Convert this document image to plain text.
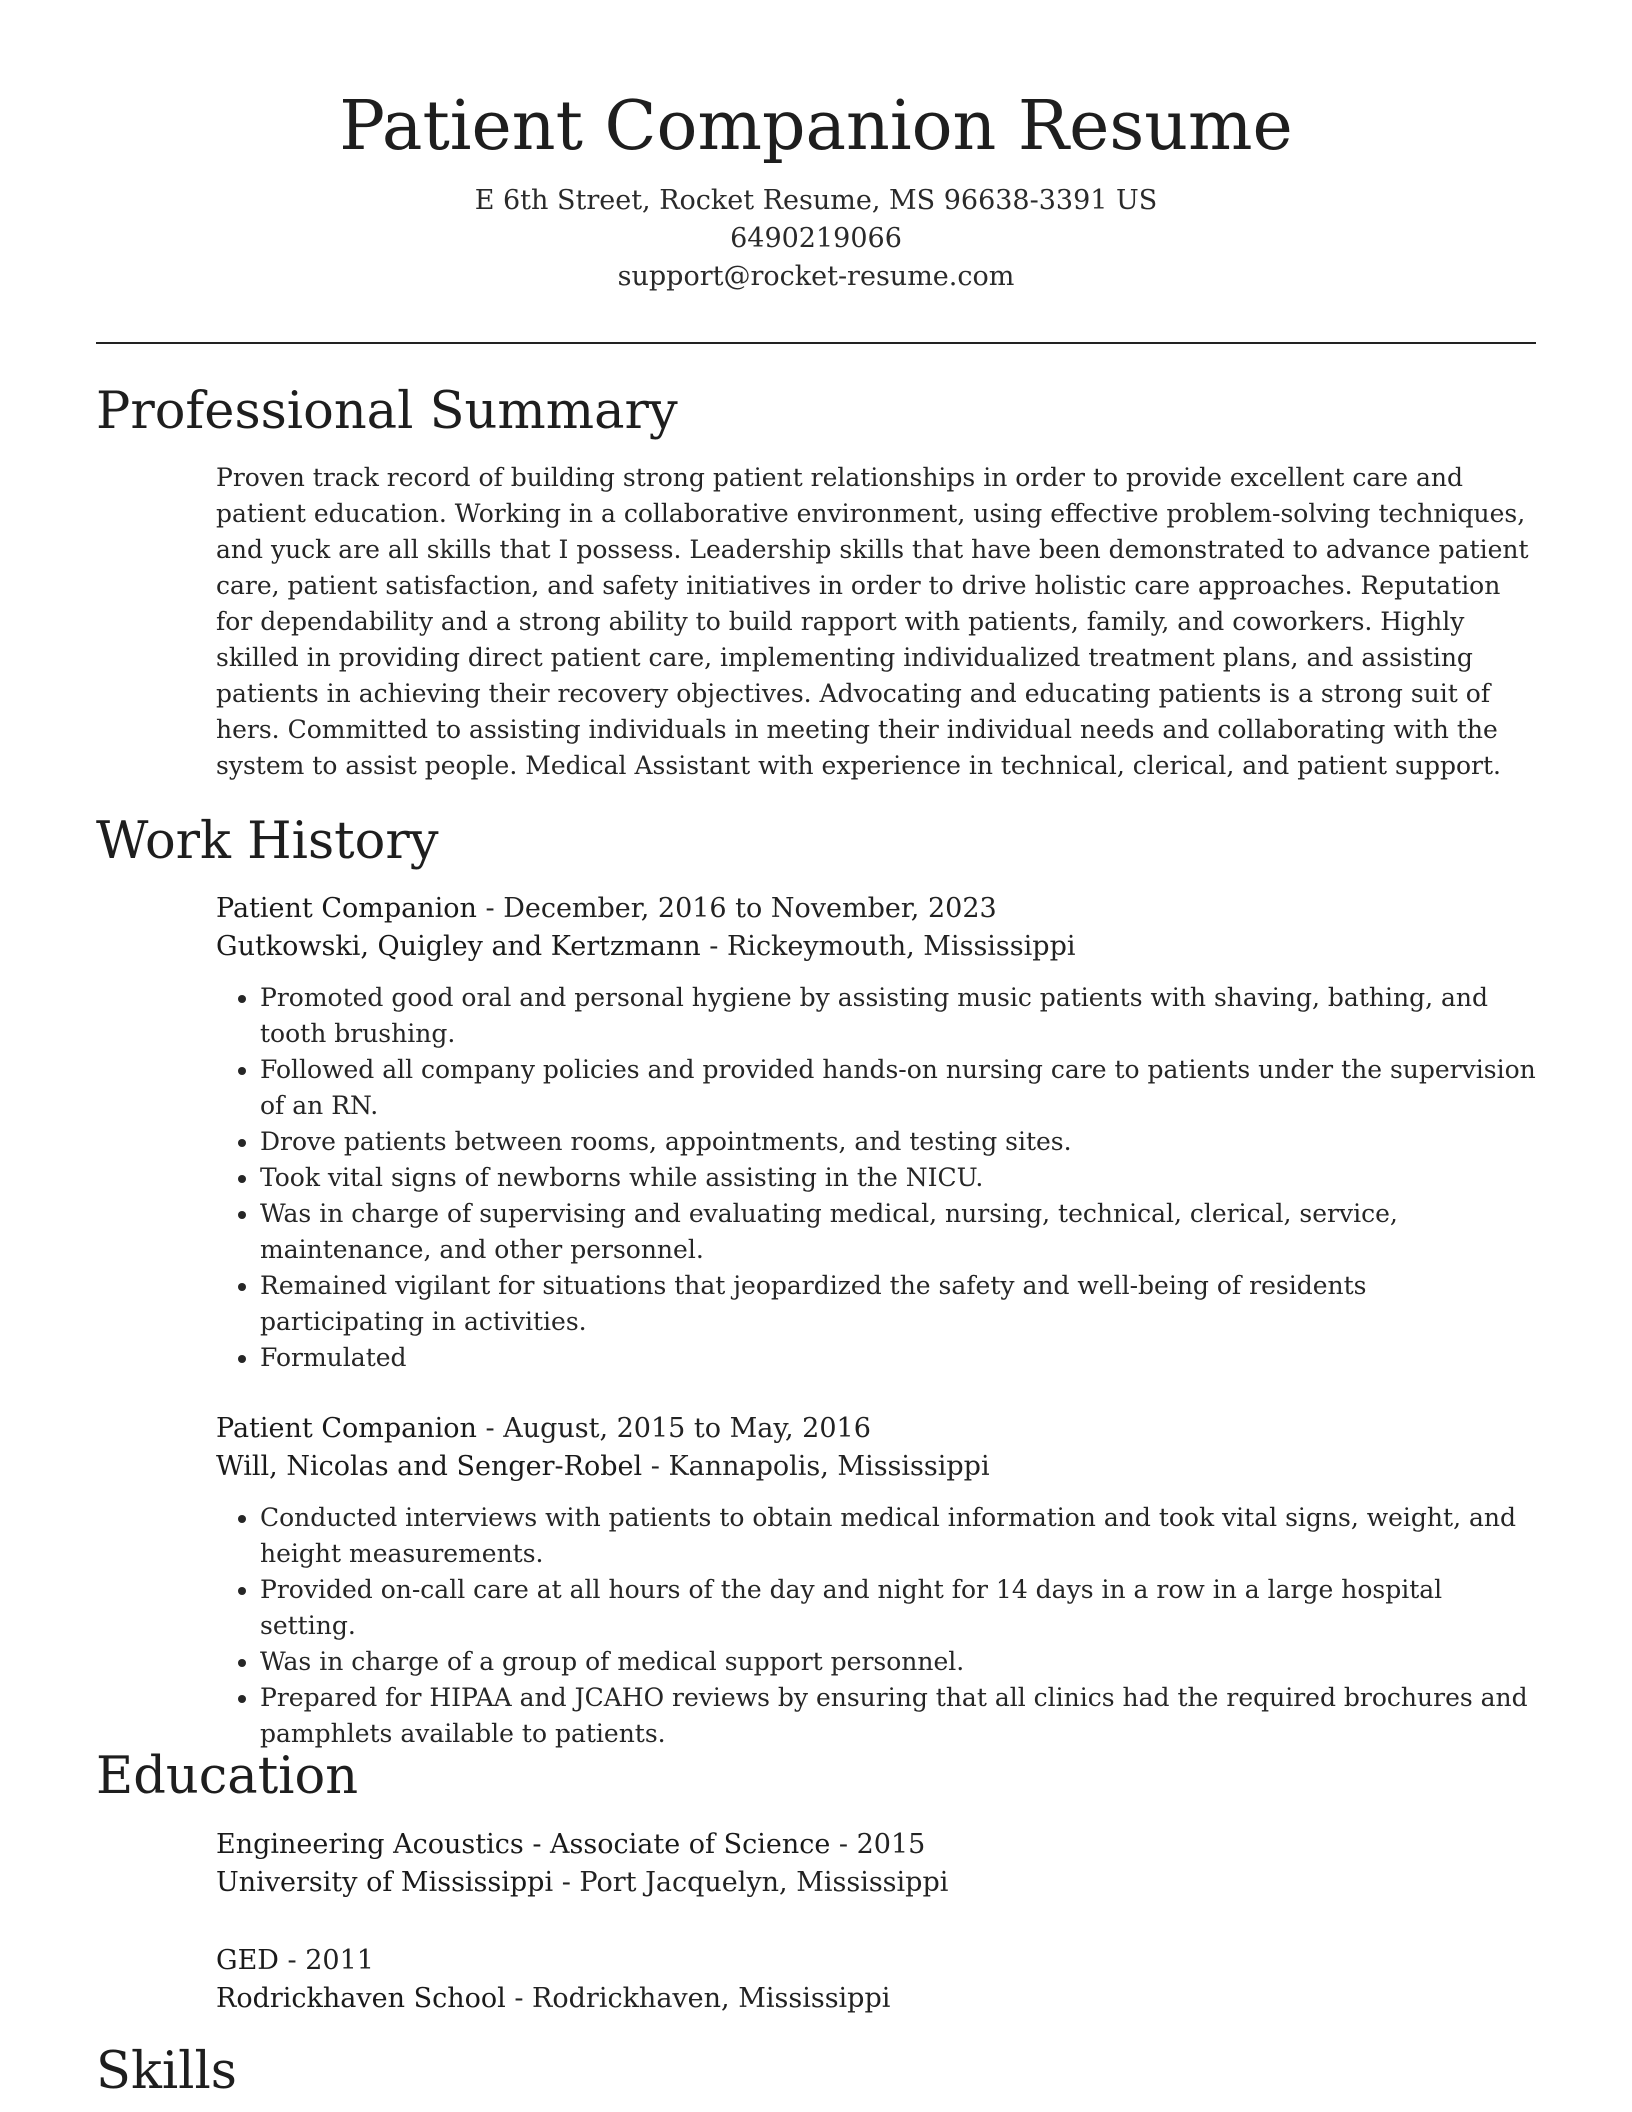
Patient Companion Resume
E 6th Street, Rocket Resume, MS 96638-3391 US
6490219066
support@rocket-resume.com
Professional Summary

Proven track record of building strong patient relationships in order to provide excellent care and patient education. Working in a collaborative environment, using effective problem-solving techniques, and yuck are all skills that I possess. Leadership skills that have been demonstrated to advance patient care, patient satisfaction, and safety initiatives in order to drive holistic care approaches. Reputation for dependability and a strong ability to build rapport with patients, family, and coworkers. Highly skilled in providing direct patient care, implementing individualized treatment plans, and assisting patients in achieving their recovery objectives. Advocating and educating patients is a strong suit of hers. Committed to assisting individuals in meeting their individual needs and collaborating with the system to assist people. Medical Assistant with experience in technical, clerical, and patient support.

Work History
Patient Companion - December, 2016 to November, 2023
Gutkowski, Quigley and Kertzmann - Rickeymouth, Mississippi
• Promoted good oral and personal hygiene by assisting music patients with shaving, bathing, and tooth brushing.
• Followed all company policies and provided hands-on nursing care to patients under the supervision of an RN.
• Drove patients between rooms, appointments, and testing sites.
• Took vital signs of newborns while assisting in the NICU.
• Was in charge of supervising and evaluating medical, nursing, technical, clerical, service, maintenance, and other personnel.
• Remained vigilant for situations that jeopardized the safety and well-being of residents participating in activities.
• Formulated
Patient Companion - August, 2015 to May, 2016
Will, Nicolas and Senger-Robel - Kannapolis, Mississippi
• Conducted interviews with patients to obtain medical information and took vital signs, weight, and height measurements.
• Provided on-call care at all hours of the day and night for 14 days in a row in a large hospital setting.
• Was in charge of a group of medical support personnel.
• Prepared for HIPAA and JCAHO reviews by ensuring that all clinics had the required brochures and pamphlets available to patients.
Education
Engineering Acoustics - Associate of Science - 2015
University of Mississippi - Port Jacquelyn, Mississippi
GED - 2011
Rodrickhaven School - Rodrickhaven, Mississippi
Skills
